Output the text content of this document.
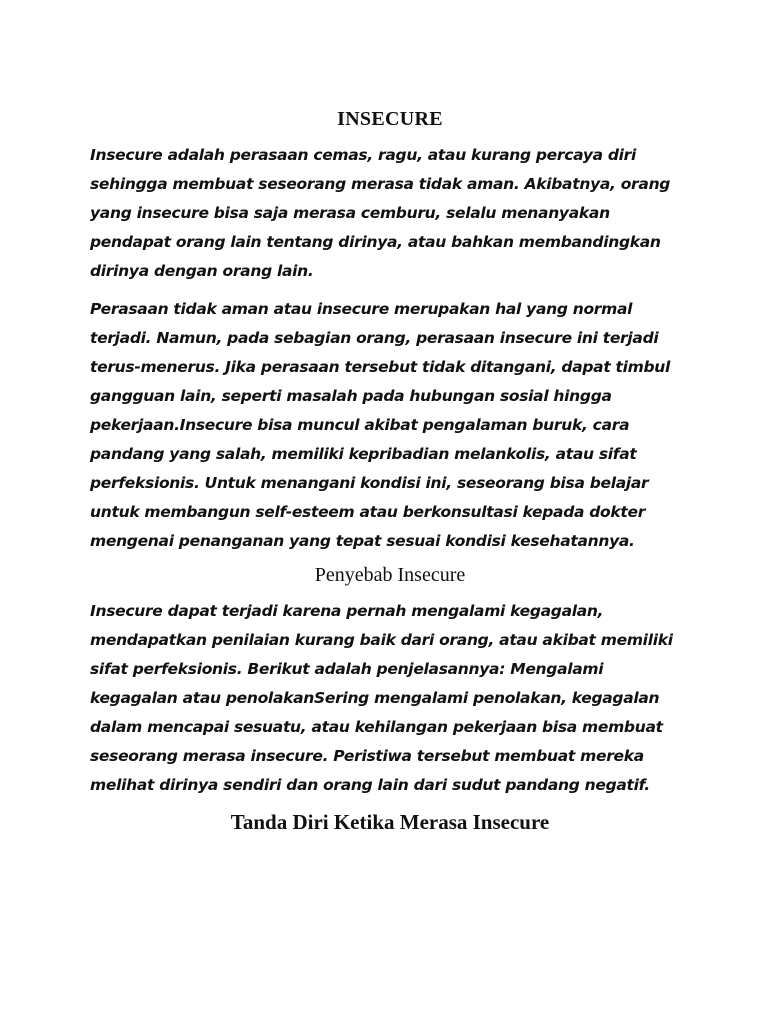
INSECURE

Insecure adalah perasaan cemas, ragu, atau kurang percaya diri sehingga membuat seseorang merasa tidak aman. Akibatnya, orang yang insecure bisa saja merasa cemburu, selalu menanyakan pendapat orang lain tentang dirinya, atau bahkan membandingkan dirinya dengan orang lain.

Perasaan tidak aman atau insecure merupakan hal yang normal terjadi. Namun, pada sebagian orang, perasaan insecure ini terjadi terus-menerus. Jika perasaan tersebut tidak ditangani, dapat timbul gangguan lain, seperti masalah pada hubungan sosial hingga pekerjaan.Insecure bisa muncul akibat pengalaman buruk, cara pandang yang salah, memiliki kepribadian melankolis, atau sifat perfeksionis. Untuk menangani kondisi ini, seseorang bisa belajar untuk membangun self-esteem atau berkonsultasi kepada dokter mengenai penanganan yang tepat sesuai kondisi kesehatannya.

Penyebab Insecure

Insecure dapat terjadi karena pernah mengalami kegagalan, mendapatkan penilaian kurang baik dari orang, atau akibat memiliki sifat perfeksionis. Berikut adalah penjelasannya: Mengalami kegagalan atau penolakanSering mengalami penolakan, kegagalan dalam mencapai sesuatu, atau kehilangan pekerjaan bisa membuat seseorang merasa insecure. Peristiwa tersebut membuat mereka melihat dirinya sendiri dan orang lain dari sudut pandang negatif.

Tanda Diri Ketika Merasa Insecure
